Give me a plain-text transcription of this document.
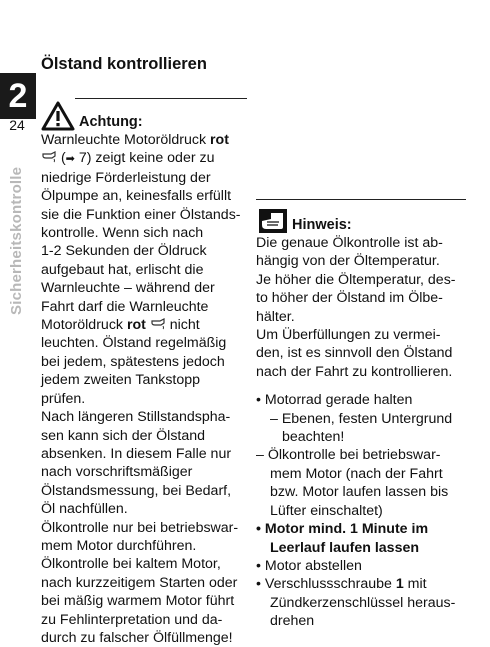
2
24
Sicherheitskontrolle
Ölstand kontrollieren
Achtung:
Warnleuchte Motoröldruck rot
(➡ 7) zeigt keine oder zu
niedrige Förderleistung der
Ölpumpe an, keinesfalls erfüllt
sie die Funktion einer Ölstands-
kontrolle. Wenn sich nach
1-2 Sekunden der Öldruck
aufgebaut hat, erlischt die
Warnleuchte – während der
Fahrt darf die Warnleuchte
Motoröldruck rot  nicht
leuchten. Ölstand regelmäßig
bei jedem, spätestens jedoch
jedem zweiten Tankstopp
prüfen.
Nach längeren Stillstandspha-
sen kann sich der Ölstand
absenken. In diesem Falle nur
nach vorschriftsmäßiger
Ölstandsmessung, bei Bedarf,
Öl nachfüllen.
Ölkontrolle nur bei betriebswar-
mem Motor durchführen.
Ölkontrolle bei kaltem Motor,
nach kurzzeitigem Starten oder
bei mäßig warmem Motor führt
zu Fehlinterpretation und da-
durch zu falscher Ölfüllmenge!
Hinweis:
Die genaue Ölkontrolle ist ab-
hängig von der Öltemperatur.
Je höher die Öltemperatur, des-
to höher der Ölstand im Ölbe-
hälter.
Um Überfüllungen zu vermei-
den, ist es sinnvoll den Ölstand
nach der Fahrt zu kontrollieren.
• Motorrad gerade halten
– Ebenen, festen Untergrund
beachten!
– Ölkontrolle bei betriebswar-
mem Motor (nach der Fahrt
bzw. Motor laufen lassen bis
Lüfter einschaltet)
• Motor mind. 1 Minute im
Leerlauf laufen lassen
• Motor abstellen
• Verschlussschraube 1 mit
Zündkerzenschlüssel heraus-
drehen
